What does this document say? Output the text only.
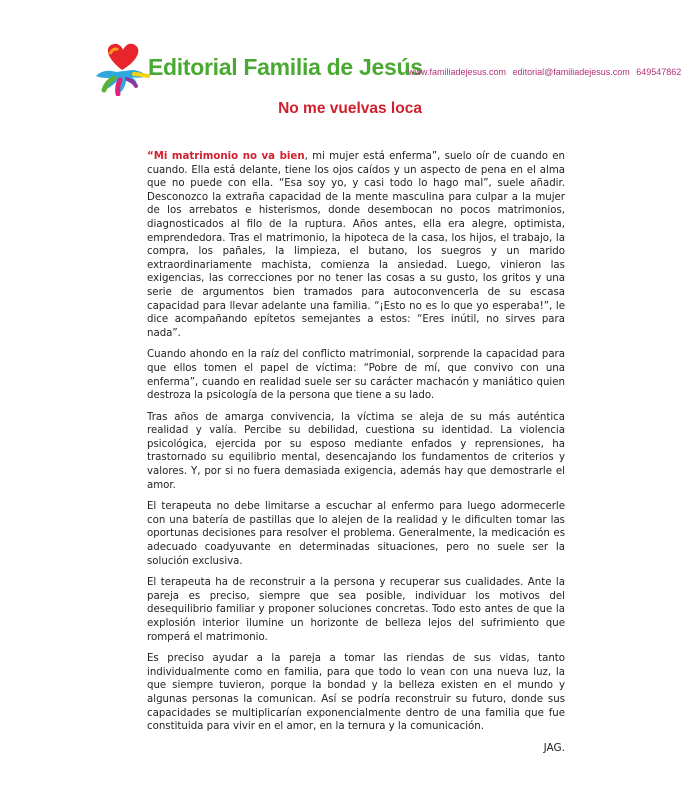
Editorial Familia de Jesús
www.familiadejesus.com editorial@familiadejesus.com 649547862
No me vuelvas loca

“Mi matrimonio no va bien, mi mujer está enferma”, suelo oír de cuando en cuando. Ella está delante, tiene los ojos caídos y un aspecto de pena en el alma que no puede con ella. “Esa soy yo, y casi todo lo hago mal”, suele añadir. Desconozco la extraña capacidad de la mente masculina para culpar a la mujer de los arrebatos e histerismos, donde desembocan no pocos matrimonios, diagnosticados al filo de la ruptura. Años antes, ella era alegre, optimista, emprendedora. Tras el matrimonio, la hipoteca de la casa, los hijos, el trabajo, la compra, los pañales, la limpieza, el butano, los suegros y un marido extraordinariamente machista, comienza la ansiedad. Luego, vinieron las exigencias, las correcciones por no tener las cosas a su gusto, los gritos y una serie de argumentos bien tramados para autoconvencerla de su escasa capacidad para llevar adelante una familia. “¡Esto no es lo que yo esperaba!”, le dice acompañando epítetos semejantes a estos: “Eres inútil, no sirves para nada”.

Cuando ahondo en la raíz del conflicto matrimonial, sorprende la capacidad para que ellos tomen el papel de víctima: “Pobre de mí, que convivo con una enferma”, cuando en realidad suele ser su carácter machacón y maniático quien destroza la psicología de la persona que tiene a su lado.

Tras años de amarga convivencia, la víctima se aleja de su más auténtica realidad y valía. Percibe su debilidad, cuestiona su identidad. La violencia psicológica, ejercida por su esposo mediante enfados y reprensiones, ha trastornado su equilibrio mental, desencajando los fundamentos de criterios y valores. Y, por si no fuera demasiada exigencia, además hay que demostrarle el amor.

El terapeuta no debe limitarse a escuchar al enfermo para luego adormecerle con una batería de pastillas que lo alejen de la realidad y le dificulten tomar las oportunas decisiones para resolver el problema. Generalmente, la medicación es adecuado coadyuvante en determinadas situaciones, pero no suele ser la solución exclusiva.

El terapeuta ha de reconstruir a la persona y recuperar sus cualidades. Ante la pareja es preciso, siempre que sea posible, individuar los motivos del desequilibrio familiar y proponer soluciones concretas. Todo esto antes de que la explosión interior ilumine un horizonte de belleza lejos del sufrimiento que romperá el matrimonio.

Es preciso ayudar a la pareja a tomar las riendas de sus vidas, tanto individualmente como en familia, para que todo lo vean con una nueva luz, la que siempre tuvieron, porque la bondad y la belleza existen en el mundo y algunas personas la comunican. Así se podría reconstruir su futuro, donde sus capacidades se multiplicarían exponencialmente dentro de una familia que fue constituida para vivir en el amor, en la ternura y la comunicación.

JAG.
